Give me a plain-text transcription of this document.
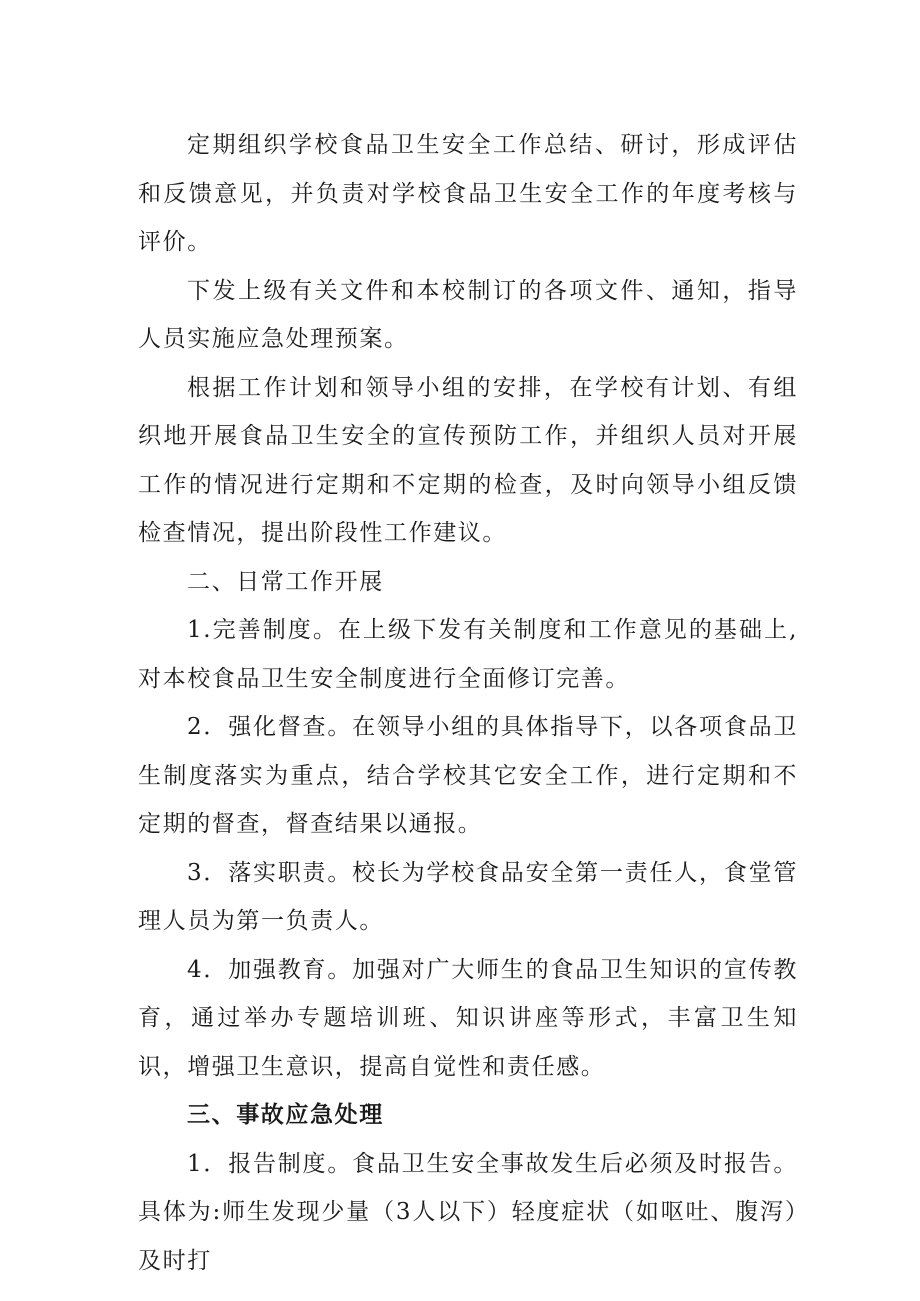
定期组织学校食品卫生安全工作总结、研讨，形成评估和反馈意见，并负责对学校食品卫生安全工作的年度考核与评价。

下发上级有关文件和本校制订的各项文件、通知，指导人员实施应急处理预案。

根据工作计划和领导小组的安排，在学校有计划、有组织地开展食品卫生安全的宣传预防工作，并组织人员对开展工作的情况进行定期和不定期的检查，及时向领导小组反馈检查情况，提出阶段性工作建议。

二、日常工作开展

1.完善制度。在上级下发有关制度和工作意见的基础上,对本校食品卫生安全制度进行全面修订完善。

2．强化督查。在领导小组的具体指导下，以各项食品卫生制度落实为重点，结合学校其它安全工作，进行定期和不定期的督查，督查结果以通报。

3．落实职责。校长为学校食品安全第一责任人，食堂管理人员为第一负责人。

4．加强教育。加强对广大师生的食品卫生知识的宣传教育，通过举办专题培训班、知识讲座等形式，丰富卫生知识，增强卫生意识，提高自觉性和责任感。

三、事故应急处理

1．报告制度。食品卫生安全事故发生后必须及时报告。具体为:师生发现少量（3人以下）轻度症状（如呕吐、腹泻）及时打
